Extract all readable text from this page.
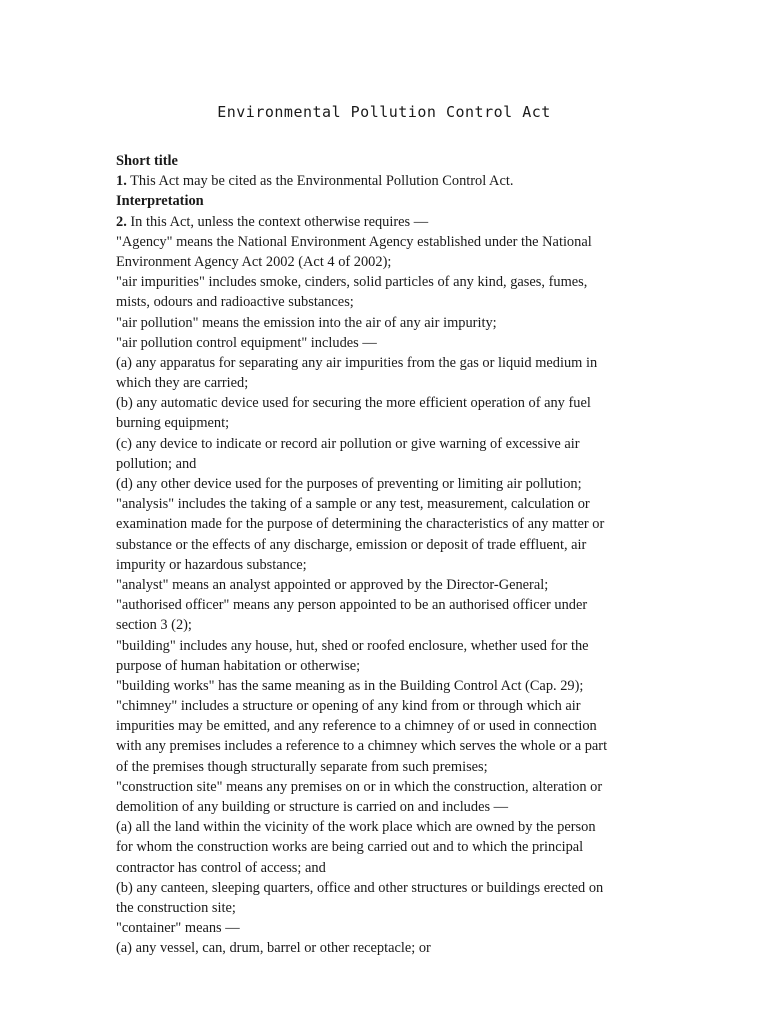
Environmental Pollution Control Act
Short title
1. This Act may be cited as the Environmental Pollution Control Act.
Interpretation
2. In this Act, unless the context otherwise requires —
"Agency" means the National Environment Agency established under the National
Environment Agency Act 2002 (Act 4 of 2002);
"air impurities" includes smoke, cinders, solid particles of any kind, gases, fumes,
mists, odours and radioactive substances;
"air pollution" means the emission into the air of any air impurity;
"air pollution control equipment" includes —
(a) any apparatus for separating any air impurities from the gas or liquid medium in
which they are carried;
(b) any automatic device used for securing the more efficient operation of any fuel
burning equipment;
(c) any device to indicate or record air pollution or give warning of excessive air
pollution; and
(d) any other device used for the purposes of preventing or limiting air pollution;
"analysis" includes the taking of a sample or any test, measurement, calculation or
examination made for the purpose of determining the characteristics of any matter or
substance or the effects of any discharge, emission or deposit of trade effluent, air
impurity or hazardous substance;
"analyst" means an analyst appointed or approved by the Director-General;
"authorised officer" means any person appointed to be an authorised officer under
section 3 (2);
"building" includes any house, hut, shed or roofed enclosure, whether used for the
purpose of human habitation or otherwise;
"building works" has the same meaning as in the Building Control Act (Cap. 29);
"chimney" includes a structure or opening of any kind from or through which air
impurities may be emitted, and any reference to a chimney of or used in connection
with any premises includes a reference to a chimney which serves the whole or a part
of the premises though structurally separate from such premises;
"construction site" means any premises on or in which the construction, alteration or
demolition of any building or structure is carried on and includes —
(a) all the land within the vicinity of the work place which are owned by the person
for whom the construction works are being carried out and to which the principal
contractor has control of access; and
(b) any canteen, sleeping quarters, office and other structures or buildings erected on
the construction site;
"container" means —
(a) any vessel, can, drum, barrel or other receptacle; or
